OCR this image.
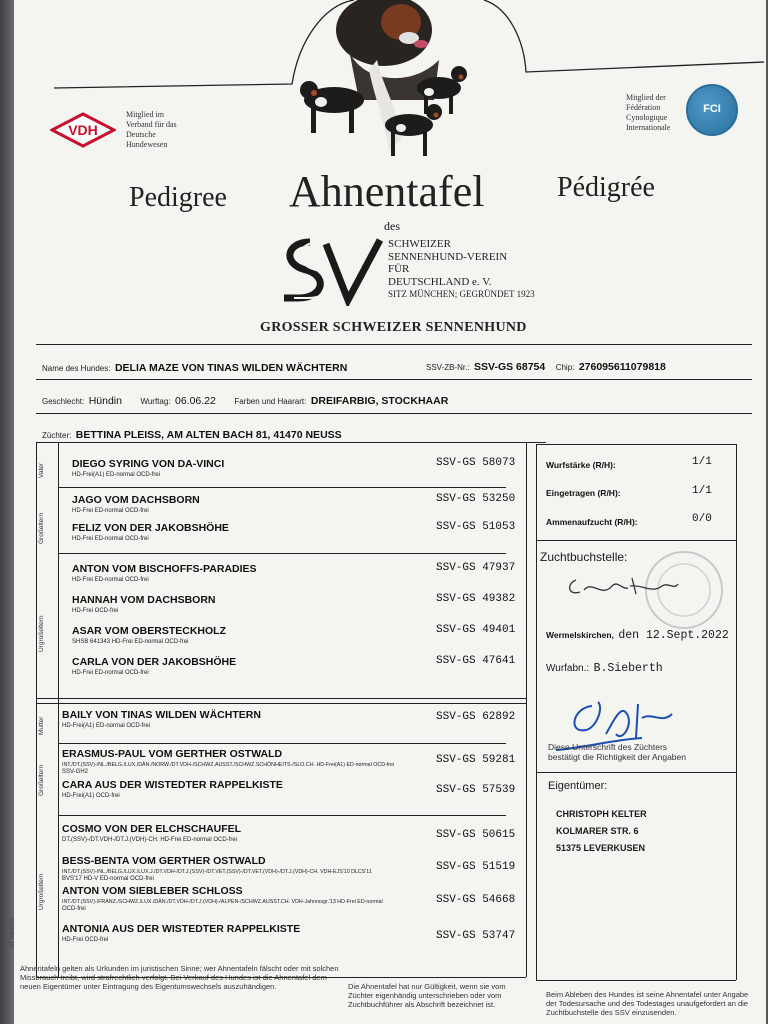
VDH
Mitglied im
Verband für das
Deutsche
Hundewesen
Mitglied der
Fédération
Cynologique
Internationale
FCI
Pedigree Ahnentafel	Pédigrée
des
SCHWEIZER
SENNENHUND-VEREIN
FÜR
DEUTSCHLAND e. V.
SITZ MÜNCHEN; GEGRÜNDET 1923
GROSSER SCHWEIZER SENNENHUND
Name des Hundes: DELIA MAZE VON TINAS WILDEN WÄCHTERN	SSV-ZB-Nr.: SSV-GS 68754 Chip: 276095611079818
Geschlecht: Hündin Wurftag: 06.06.22 Farben und Haarart: DREIFARBIG, STOCKHAAR
Züchter: BETTINA PLEISS, AM ALTEN BACH 81, 41470 NEUSS
Vater
Großeltern
Urgroßeltern
Mutter
Großeltern
Urgroßeltern
DIEGO SYRING VON DA-VINCI
HD-Frei(A1) ED-normal OCD-frei
SSV-GS 58073
JAGO VOM DACHSBORN
HD-Frei ED-normal OCD-frei
SSV-GS 53250
FELIZ VON DER JAKOBSHÖHE
HD-Frei ED-normal OCD-frei
SSV-GS 51053
ANTON VOM BISCHOFFS-PARADIES
HD-Frei ED-normal OCD-frei
SSV-GS 47937
HANNAH VOM DACHSBORN
HD-Frei OCD-frei
SSV-GS 49382
ASAR VOM OBERSTECKHOLZ
SHSB 641343 HD-Frei ED-normal OCD-frei
SSV-GS 49401
CARLA VON DER JAKOBSHÖHE
HD-Frei ED-normal OCD-frei
SSV-GS 47641
BAILY VON TINAS WILDEN WÄCHTERN
HD-Frei(A1) ED-normal OCD-frei
SSV-GS 62892
ERASMUS-PAUL VOM GERTHER OSTWALD
INT./DT.(SSV)-/NL./BELG./LUX./DÄN./NORW./DT.VDH-/SCHWZ.AUSST./SCHWZ.SCHÖNHEITS-/SLO.CH. HD-Frei(A1) ED-normal OCD-frei
SSV-GH2
SSV-GS 59281
CARA AUS DER WISTEDTER RAPPELKISTE
HD-Frei(A1) OCD-frei	SSV-GS 57539
COSMO VON DER ELCHSCHAUFEL
DT.(SSV)-/DT.VDH-/DT.J.(VDH)-CH. HD-Frei ED-normal OCD-frei	SSV-GS 50615
BESS-BENTA VOM GERTHER OSTWALD
INT./DT.(SSV)-/NL./BELG./LUX./LUX.J./DT.VDH-/DT.J.(SSV)-/DT.VET.(SSV)-/DT.VET.(VDH)-/DT.J.(VDH)-CH. VDH-EJS'10 DLCS'11
BVS'17 HD-V ED-normal OCD-frei
SSV-GS 51519
ANTON VOM SIEBLEBER SCHLOSS
INT./DT.(SSV)-/FRANZ./SCHWZ./LUX./DÄN./DT.VDH-/DT.J.(VDH)-/ALPEN-/SCHWZ.AUSST.CH. VDH-Jahressgr.'13 HD-Frei ED-normal
OCD-frei
SSV-GS 54668
ANTONIA AUS DER WISTEDTER RAPPELKISTE
HD-Frei OCD-frei	SSV-GS 53747
Wurfstärke (R/H):	1/1
Eingetragen (R/H):	1/1
Ammenaufzucht (R/H):	0/0
Zuchtbuchstelle:
Wermelskirchen, den 12.Sept.2022
Wurfabn.: B.Sieberth
Diese Unterschrift des Züchters
bestätigt die Richtigkeit der Angaben
Eigentümer:
CHRISTOPH KELTER
KOLMARER STR. 6
51375 LEVERKUSEN
Ahnentafeln gelten als Urkunden im juristischen Sinne; wer Ahnentafeln fälscht oder mit solchen
Missbrauch treibt, wird strafrechtlich verfolgt. Bei Verkauf des Hundes ist die Ahnentafel dem
neuen Eigentümer unter Eintragung des Eigentumswechsels auszuhändigen.	Die Ahnentafel hat nur Gültigkeit, wenn sie vom
Züchter eigenhändig unterschrieben oder vom
Zuchtbuchführer als Abschrift bezeichnet ist.
Beim Ableben des Hundes ist seine Ahnentafel unter Angabe
der Todesursache und des Todestages unaufgefordert an die
Zuchtbuchstelle des SSV einzusenden.
AT 08/2020
